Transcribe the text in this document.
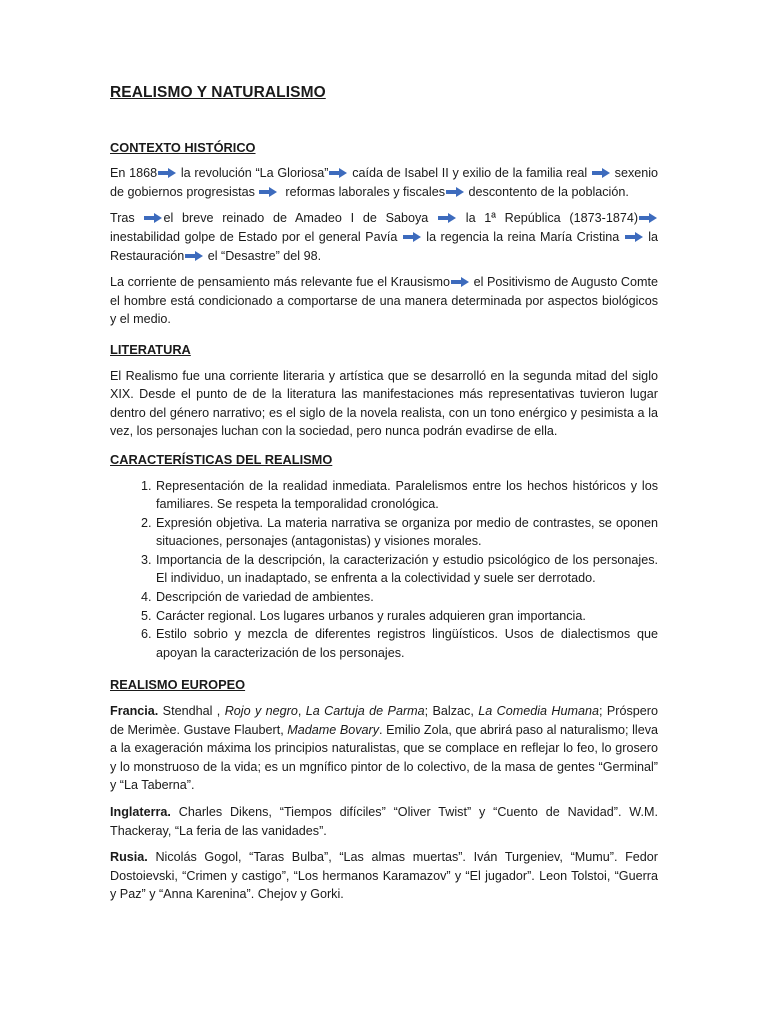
REALISMO Y NATURALISMO
CONTEXTO HISTÓRICO

En 1868 la revolución “La Gloriosa” caída de Isabel II y exilio de la familia real sexenio de gobiernos progresistas reformas laborales y fiscales descontento de la población.

Tras el breve reinado de Amadeo I de Saboya	la 1ª República (1873-1874)
inestabilidad golpe de Estado por el general Pavía la regencia la reina María Cristina la Restauración el “Desastre” del 98.

La corriente de pensamiento más relevante fue el Krausismo el Positivismo de Augusto Comte el hombre está condicionado a comportarse de una manera determinada por aspectos biológicos y el medio.

LITERATURA

El Realismo fue una corriente literaria y artística que se desarrolló en la segunda mitad del siglo XIX. Desde el punto de de la literatura las manifestaciones más representativas tuvieron lugar dentro del género narrativo; es el siglo de la novela realista, con un tono enérgico y pesimista a la vez, los personajes luchan con la sociedad, pero nunca podrán evadirse de ella.

CARACTERÍSTICAS DEL REALISMO
1. Representación de la realidad inmediata. Paralelismos entre los hechos históricos y los familiares. Se respeta la temporalidad cronológica.
2. Expresión objetiva. La materia narrativa se organiza por medio de contrastes, se oponen situaciones, personajes (antagonistas) y visiones morales.
3. Importancia de la descripción, la caracterización y estudio psicológico de los personajes. El individuo, un inadaptado, se enfrenta a la colectividad y suele ser derrotado.
4. Descripción de variedad de ambientes.
5. Carácter regional. Los lugares urbanos y rurales adquieren gran importancia.
6. Estilo sobrio y mezcla de diferentes registros lingüísticos. Usos de dialectismos que apoyan la caracterización de los personajes.
REALISMO EUROPEO

Francia. Stendhal , Rojo y negro, La Cartuja de Parma; Balzac, La Comedia Humana; Próspero de Merimèe. Gustave Flaubert, Madame Bovary. Emilio Zola, que abrirá paso al naturalismo; lleva a la exageración máxima los principios naturalistas, que se complace en reflejar lo feo, lo grosero y lo monstruoso de la vida; es un mgnífico pintor de lo colectivo, de la masa de gentes “Germinal” y “La Taberna”.

Inglaterra. Charles Dikens, “Tiempos difíciles” “Oliver Twist” y “Cuento de Navidad”. W.M. Thackeray, “La feria de las vanidades”.

Rusia. Nicolás Gogol, “Taras Bulba”, “Las almas muertas”. Iván Turgeniev, “Mumu”. Fedor Dostoievski, “Crimen y castigo”, “Los hermanos Karamazov” y “El jugador”. Leon Tolstoi, “Guerra y Paz” y “Anna Karenina”. Chejov y Gorki.
